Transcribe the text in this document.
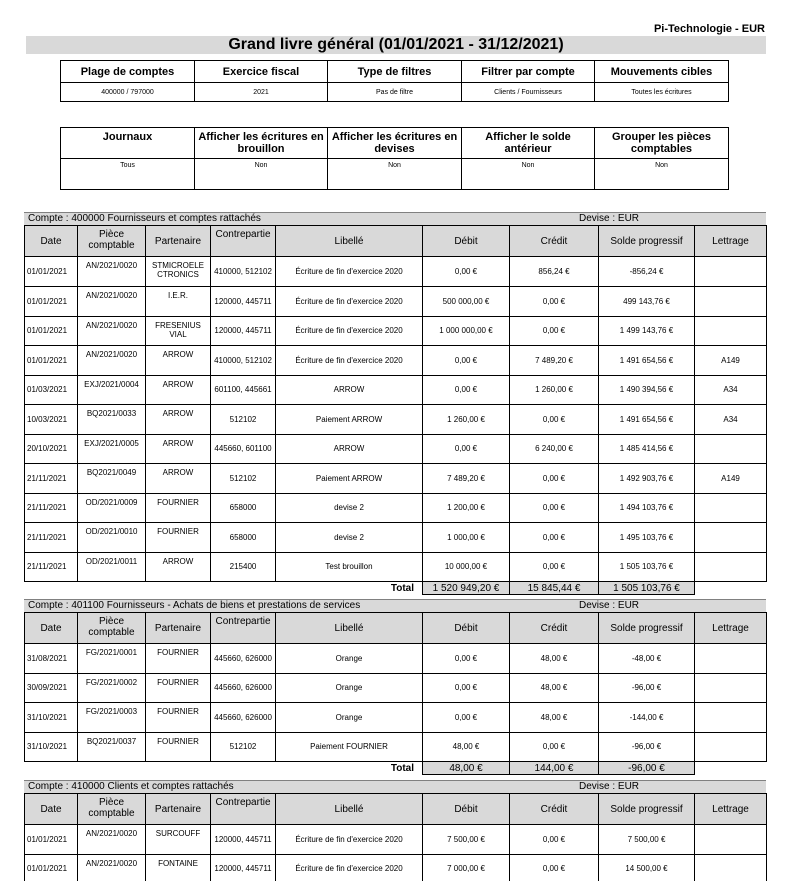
Pi-Technologie - EUR
Grand livre général (01/01/2021 - 31/12/2021)
Plage de comptes	Exercice fiscal	Type de filtres	Filtrer par compte	Mouvements cibles
400000 / 797000	2021	Pas de filtre	Clients / Fournisseurs	Toutes les écritures
Journaux	Afficher les écritures en brouillon	Afficher les écritures en devises	Afficher le solde antérieur	Grouper les pièces comptables
Tous	Non	Non	Non	Non
Compte : 400000 Fournisseurs et comptes rattachés	Devise : EUR
Date	Pièce comptable	Partenaire	Contrepartie	Libellé	Débit	Crédit	Solde progressif	Lettrage
01/01/2021	AN/2021/0020	STMICROELE CTRONICS	410000, 512102	Écriture de fin d'exercice 2020	0,00 €	856,24 €	-856,24 €	
01/01/2021	AN/2021/0020	I.E.R.	120000, 445711	Écriture de fin d'exercice 2020	500 000,00 €	0,00 €	499 143,76 €	
01/01/2021	AN/2021/0020	FRESENIUS VIAL	120000, 445711	Écriture de fin d'exercice 2020	1 000 000,00 €	0,00 €	1 499 143,76 €	
01/01/2021	AN/2021/0020	ARROW	410000, 512102	Écriture de fin d'exercice 2020	0,00 €	7 489,20 €	1 491 654,56 €	A149
01/03/2021	EXJ/2021/0004	ARROW	601100, 445661	ARROW	0,00 €	1 260,00 €	1 490 394,56 €	A34
10/03/2021	BQ2021/0033	ARROW	512102	Paiement ARROW	1 260,00 €	0,00 €	1 491 654,56 €	A34
20/10/2021	EXJ/2021/0005	ARROW	445660, 601100	ARROW	0,00 €	6 240,00 €	1 485 414,56 €	
21/11/2021	BQ2021/0049	ARROW	512102	Paiement ARROW	7 489,20 €	0,00 €	1 492 903,76 €	A149
21/11/2021	OD/2021/0009	FOURNIER	658000	devise 2	1 200,00 €	0,00 €	1 494 103,76 €	
21/11/2021	OD/2021/0010	FOURNIER	658000	devise 2	1 000,00 €	0,00 €	1 495 103,76 €	
21/11/2021	OD/2021/0011	ARROW	215400	Test brouillon	10 000,00 €	0,00 €	1 505 103,76 €	
Total					1 520 949,20 €	15 845,44 €	1 505 103,76 €	
Compte : 401100 Fournisseurs - Achats de biens et prestations de services	Devise : EUR
Date	Pièce comptable	Partenaire	Contrepartie	Libellé	Débit	Crédit	Solde progressif	Lettrage
31/08/2021	FG/2021/0001	FOURNIER	445660, 626000	Orange	0,00 €	48,00 €	-48,00 €	
30/09/2021	FG/2021/0002	FOURNIER	445660, 626000	Orange	0,00 €	48,00 €	-96,00 €	
31/10/2021	FG/2021/0003	FOURNIER	445660, 626000	Orange	0,00 €	48,00 €	-144,00 €	
31/10/2021	BQ2021/0037	FOURNIER	512102	Paiement FOURNIER	48,00 €	0,00 €	-96,00 €	
Total					48,00 €	144,00 €	-96,00 €	
Compte : 410000 Clients et comptes rattachés	Devise : EUR
Date	Pièce comptable	Partenaire	Contrepartie	Libellé	Débit	Crédit	Solde progressif	Lettrage
01/01/2021	AN/2021/0020	SURCOUFF	120000, 445711	Écriture de fin d'exercice 2020	7 500,00 €	0,00 €	7 500,00 €	
01/01/2021	AN/2021/0020	FONTAINE	120000, 445711	Écriture de fin d'exercice 2020	7 000,00 €	0,00 €	14 500,00 €	
